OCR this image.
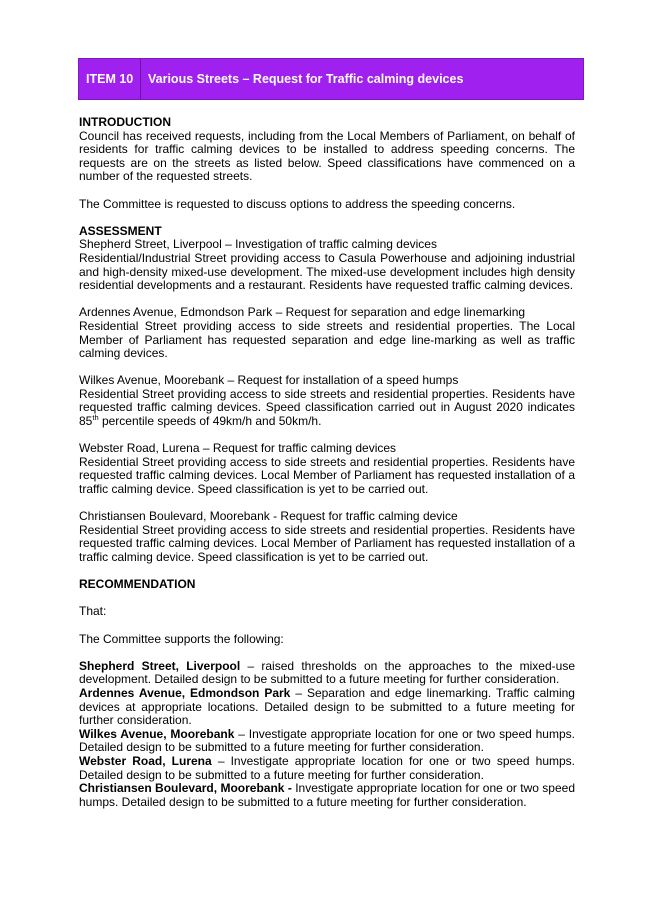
ITEM 10	Various Streets – Request for Traffic calming devices

INTRODUCTION

Council has received requests, including from the Local Members of Parliament, on behalf of residents for traffic calming devices to be installed to address speeding concerns. The requests are on the streets as listed below. Speed classifications have commenced on a number of the requested streets.

The Committee is requested to discuss options to address the speeding concerns.

ASSESSMENT

Shepherd Street, Liverpool – Investigation of traffic calming devices

Residential/Industrial Street providing access to Casula Powerhouse and adjoining industrial and high-density mixed-use development. The mixed-use development includes high density residential developments and a restaurant. Residents have requested traffic calming devices.

Ardennes Avenue, Edmondson Park – Request for separation and edge linemarking

Residential Street providing access to side streets and residential properties. The Local Member of Parliament has requested separation and edge line-marking as well as traffic calming devices.

Wilkes Avenue, Moorebank – Request for installation of a speed humps

Residential Street providing access to side streets and residential properties. Residents have requested traffic calming devices. Speed classification carried out in August 2020 indicates 85th percentile speeds of 49km/h and 50km/h.

Webster Road, Lurena – Request for traffic calming devices

Residential Street providing access to side streets and residential properties. Residents have requested traffic calming devices. Local Member of Parliament has requested installation of a traffic calming device. Speed classification is yet to be carried out.

Christiansen Boulevard, Moorebank - Request for traffic calming device

Residential Street providing access to side streets and residential properties. Residents have requested traffic calming devices. Local Member of Parliament has requested installation of a traffic calming device. Speed classification is yet to be carried out.

RECOMMENDATION

That:

The Committee supports the following:

Shepherd Street, Liverpool – raised thresholds on the approaches to the mixed-use development. Detailed design to be submitted to a future meeting for further consideration.

Ardennes Avenue, Edmondson Park – Separation and edge linemarking. Traffic calming devices at appropriate locations. Detailed design to be submitted to a future meeting for further consideration.

Wilkes Avenue, Moorebank – Investigate appropriate location for one or two speed humps. Detailed design to be submitted to a future meeting for further consideration.

Webster Road, Lurena – Investigate appropriate location for one or two speed humps. Detailed design to be submitted to a future meeting for further consideration.

Christiansen Boulevard, Moorebank - Investigate appropriate location for one or two speed humps. Detailed design to be submitted to a future meeting for further consideration.
